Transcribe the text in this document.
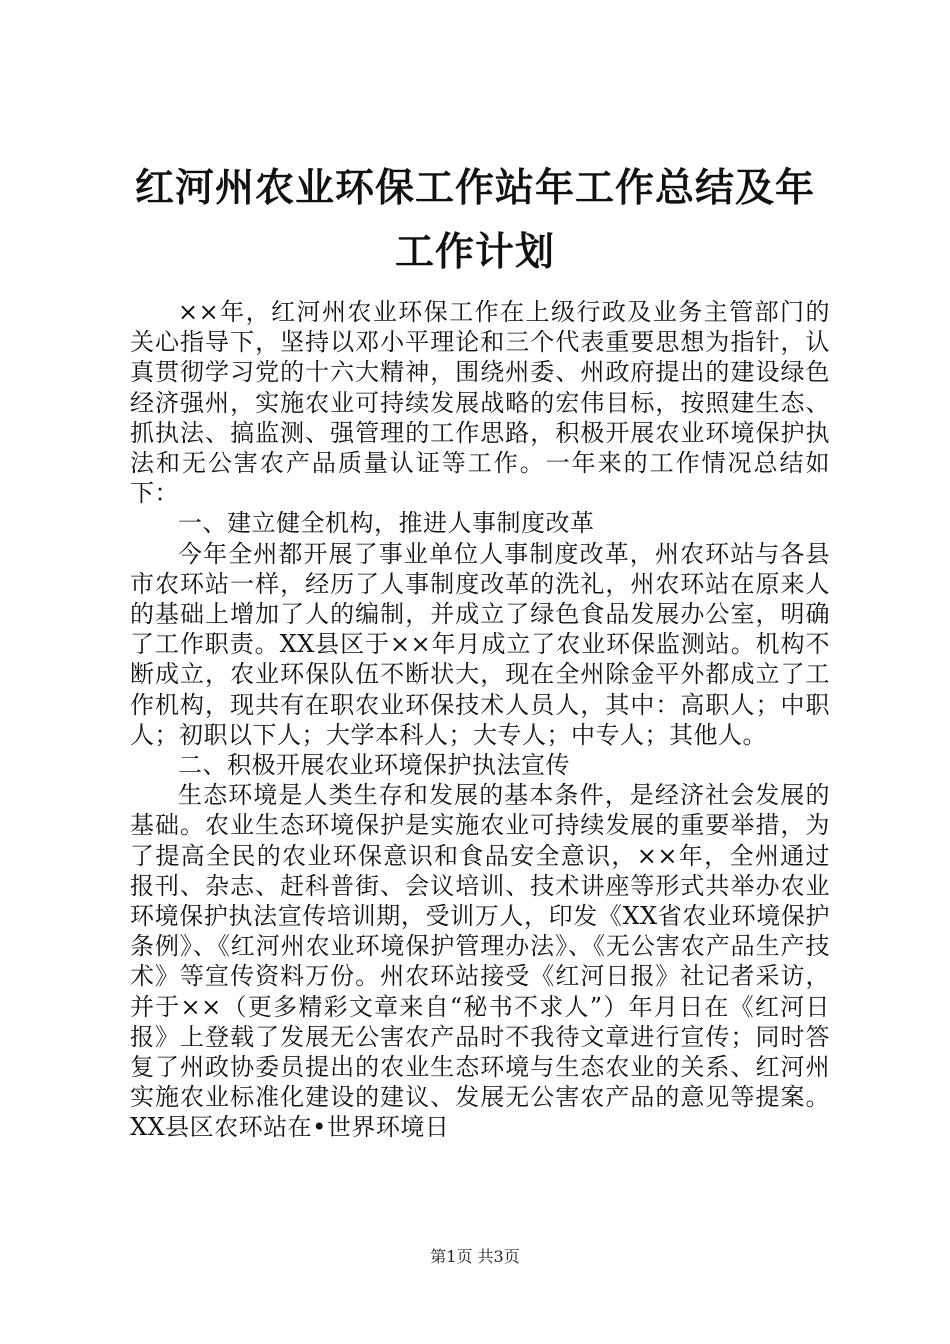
红河州农业环保工作站年工作总结及年工作计划

××年，红河州农业环保工作在上级行政及业务主管部门的关心指导下，坚持以邓小平理论和三个代表重要思想为指针，认真贯彻学习党的十六大精神，围绕州委、州政府提出的建设绿色经济强州，实施农业可持续发展战略的宏伟目标，按照建生态、抓执法、搞监测、强管理的工作思路，积极开展农业环境保护执法和无公害农产品质量认证等工作。一年来的工作情况总结如下：

一、建立健全机构，推进人事制度改革

今年全州都开展了事业单位人事制度改革，州农环站与各县市农环站一样，经历了人事制度改革的洗礼，州农环站在原来人的基础上增加了人的编制，并成立了绿色食品发展办公室，明确了工作职责。XX县区于××年月成立了农业环保监测站。机构不断成立，农业环保队伍不断状大，现在全州除金平外都成立了工作机构，现共有在职农业环保技术人员人，其中：高职人；中职人；初职以下人；大学本科人；大专人；中专人；其他人。

二、积极开展农业环境保护执法宣传

生态环境是人类生存和发展的基本条件，是经济社会发展的基础。农业生态环境保护是实施农业可持续发展的重要举措，为了提高全民的农业环保意识和食品安全意识，××年，全州通过报刊、杂志、赶科普街、会议培训、技术讲座等形式共举办农业环境保护执法宣传培训期，受训万人，印发《XX省农业环境保护条例》、《红河州农业环境保护管理办法》、《无公害农产品生产技术》等宣传资料万份。州农环站接受《红河日报》社记者采访，并于××（更多精彩文章来自“秘书不求人”）年月日在《红河日报》上登载了发展无公害农产品时不我待文章进行宣传；同时答复了州政协委员提出的农业生态环境与生态农业的关系、红河州实施农业标准化建设的建议、发展无公害农产品的意见等提案。XX县区农环站在•世界环境日

第1页 共3页
